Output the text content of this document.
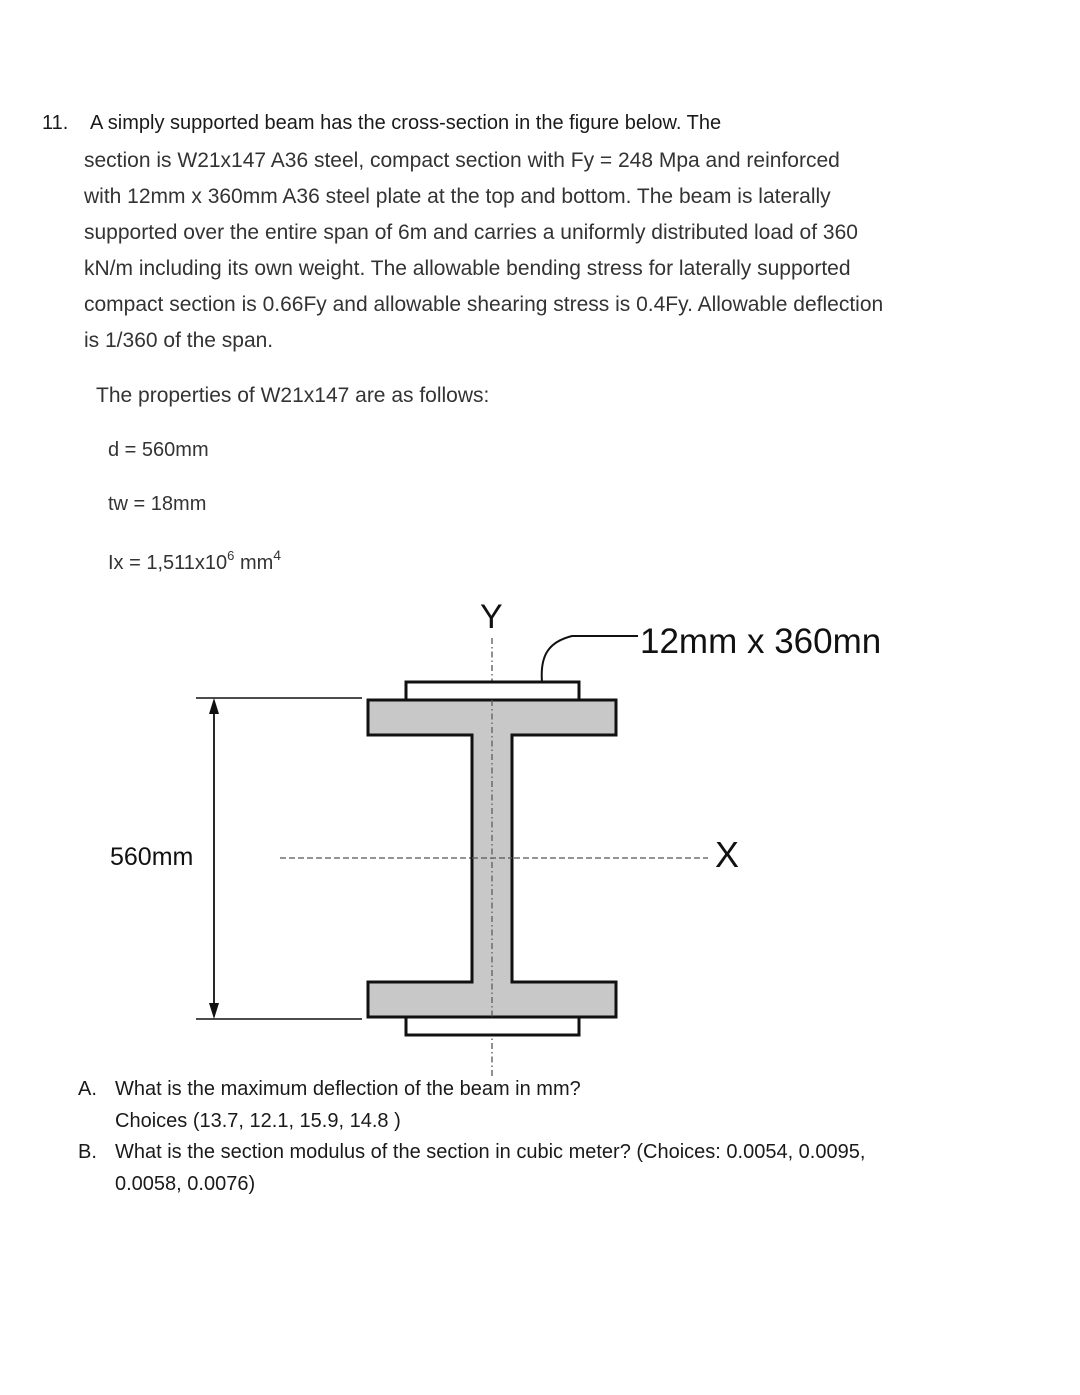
11. A simply supported beam has the cross-section in the figure below. The
section is W21x147 A36 steel, compact section with Fy = 248 Mpa and reinforced
with 12mm x 360mm A36 steel plate at the top and bottom. The beam is laterally
supported over the entire span of 6m and carries a uniformly distributed load of 360
kN/m including its own weight. The allowable bending stress for laterally supported
compact section is 0.66Fy and allowable shearing stress is 0.4Fy. Allowable deflection
is 1/360 of the span.
The properties of W21x147 are as follows:
d = 560mm
tw = 18mm
$Ix = 1,511x10^6$ $mm^4$
Y
12mm x 360mn
560mm	X
A. What is the maximum deflection of the beam in mm?
Choices (13.7, 12.1, 15.9, 14.8 )
B. What is the section modulus of the section in cubic meter? (Choices: 0.0054, 0.0095,
0.0058, 0.0076)
